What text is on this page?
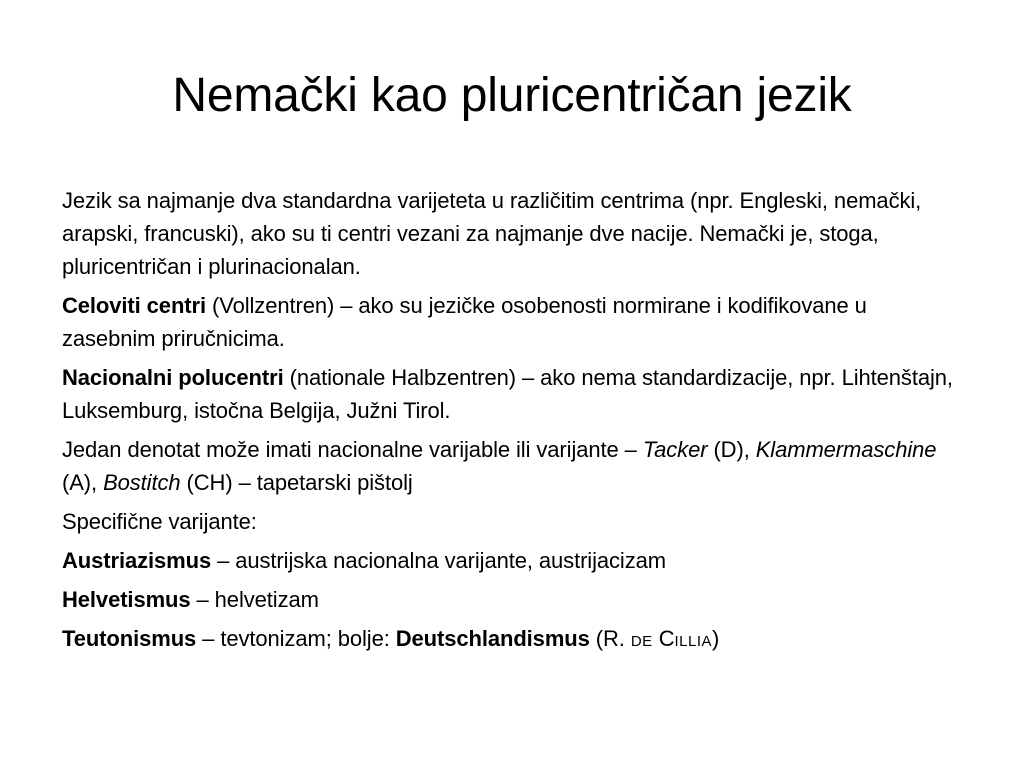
Nemački kao pluricentričan jezik

Jezik sa najmanje dva standardna varijeteta u različitim centrima (npr. Engleski, nemački, arapski, francuski), ako su ti centri vezani za najmanje dve nacije. Nemački je, stoga, pluricentričan i plurinacionalan.

Celoviti centri (Vollzentren) – ako su jezičke osobenosti normirane i kodifikovane u zasebnim priručnicima.

Nacionalni polucentri (nationale Halbzentren) – ako nema standardizacije, npr. Lihtenštajn, Luksemburg, istočna Belgija, Južni Tirol.

Jedan denotat može imati nacionalne varijable ili varijante – Tacker (D), Klammermaschine (A), Bostitch (CH) – tapetarski pištolj

Specifične varijante:

Austriazismus – austrijska nacionalna varijante, austrijacizam

Helvetismus – helvetizam

Teutonismus – tevtonizam; bolje: Deutschlandismus (R. DE CILLIA)
